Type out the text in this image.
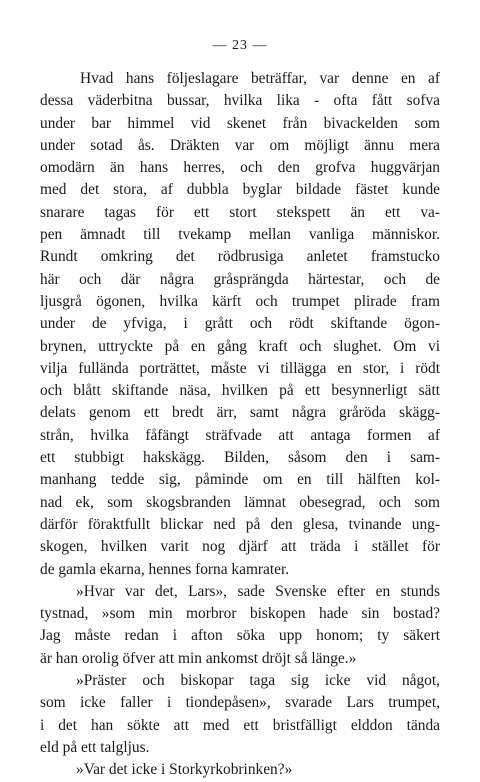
— 23 —
Hvad hans följeslagare beträffar, var denne en af
dessa väderbitna bussar, hvilka lika - ofta fått sofva
under bar himmel vid skenet från bivackelden som
under sotad ås. Dräkten var om möjligt ännu mera
omodärn än hans herres, och den grofva huggvärjan
med det stora, af dubbla byglar bildade fästet kunde
snarare tagas för ett stort stekspett än ett va-
pen ämnadt till tvekamp mellan vanliga människor.
Rundt omkring det rödbrusiga anletet framstucko
här och där några gråsprängda härtestar, och de
ljusgrå ögonen, hvilka kärft och trumpet plirade fram
under de yfviga, i grått och rödt skiftande ögon-
brynen, uttryckte på en gång kraft och slughet. Om vi
vilja fullända porträttet, måste vi tillägga en stor, i rödt
och blått skiftande näsa, hvilken på ett besynnerligt sätt
delats genom ett bredt ärr, samt några gråröda skägg-
strån, hvilka fåfängt sträfvade att antaga formen af
ett stubbigt hakskägg. Bilden, såsom den i sam-
manhang tedde sig, påminde om en till hälften kol-
nad ek, som skogsbranden lämnat obesegrad, och som
därför föraktfullt blickar ned på den glesa, tvinande ung-
skogen, hvilken varit nog djärf att träda i stället för
de gamla ekarna, hennes forna kamrater.
»Hvar var det, Lars», sade Svenske efter en stunds
tystnad, »som min morbror biskopen hade sin bostad?
Jag måste redan i afton söka upp honom; ty säkert
är han orolig öfver att min ankomst dröjt så länge.»
»Präster och biskopar taga sig icke vid något,
som icke faller i tiondepåsen», svarade Lars trumpet,
i det han sökte att med ett bristfälligt elddon tända
eld på ett talgljus.
»Var det icke i Storkyrkobrinken?»
